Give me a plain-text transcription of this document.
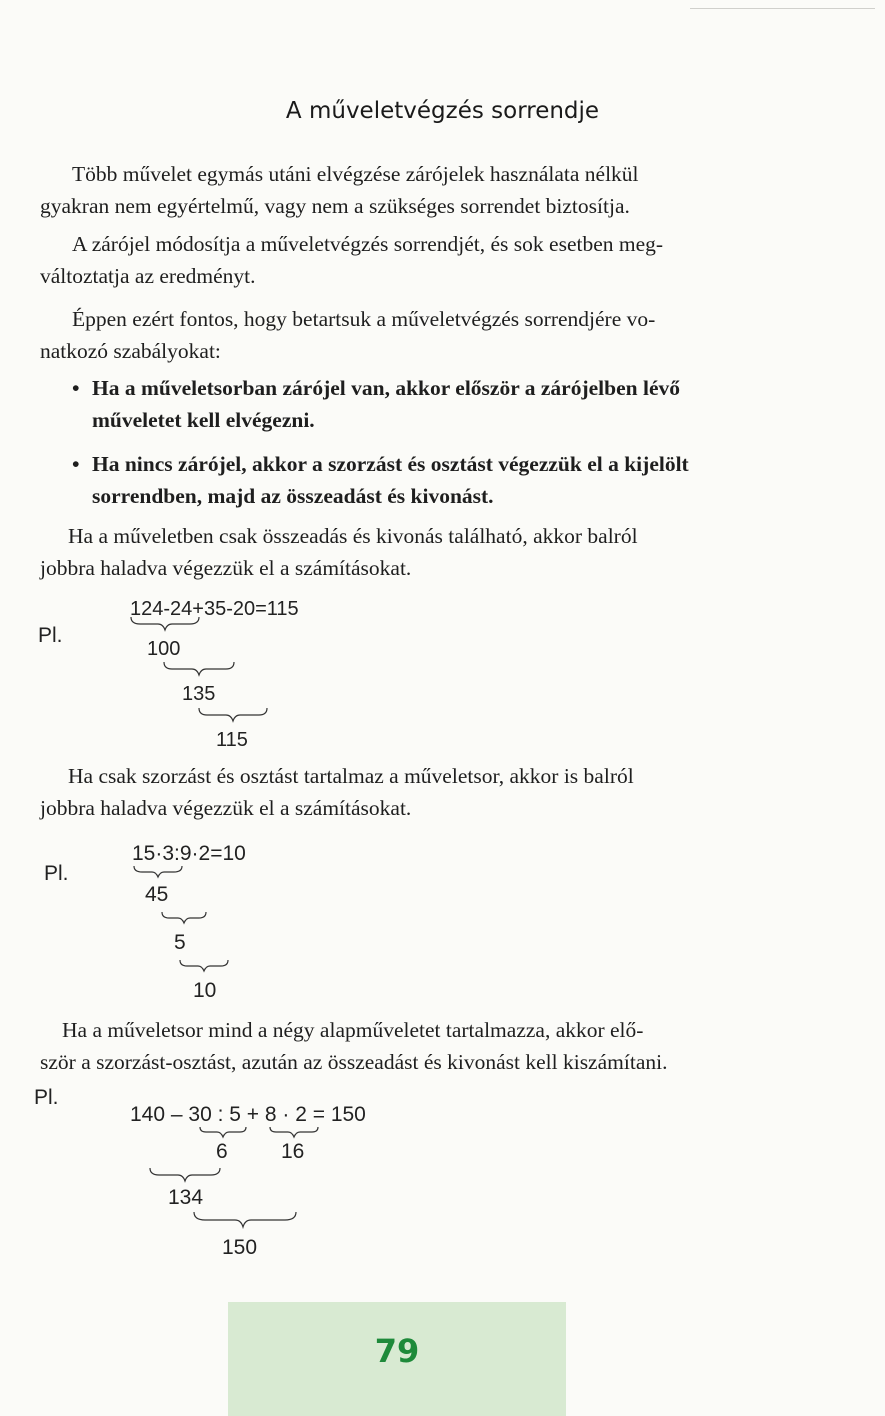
A műveletvégzés sorrendje

Több művelet egymás utáni elvégzése zárójelek használata nélkül
gyakran nem egyértelmű, vagy nem a szükséges sorrendet biztosítja.

A zárójel módosítja a műveletvégzés sorrendjét, és sok esetben meg-
változtatja az eredményt.

Éppen ezért fontos, hogy betartsuk a műveletvégzés sorrendjére vo-
natkozó szabályokat:

• Ha a műveletsorban zárójel van, akkor először a zárójelben lévő
műveletet kell elvégezni.

• Ha nincs zárójel, akkor a szorzást és osztást végezzük el a kijelölt
sorrendben, majd az összeadást és kivonást.

Ha a műveletben csak összeadás és kivonás található, akkor balról
jobbra haladva végezzük el a számításokat.

Pl.
124-24+35-20=115
100
135
115

Ha csak szorzást és osztást tartalmaz a műveletsor, akkor is balról
jobbra haladva végezzük el a számításokat.

Pl.
15·3:9·2=10
45
5
10

Ha a műveletsor mind a négy alapműveletet tartalmazza, akkor elő-
ször a szorzást-osztást, azután az összeadást és kivonást kell kiszámítani.

Pl.
140 – 30 : 5 + 8 · 2 = 150
6	16
134
150
79
